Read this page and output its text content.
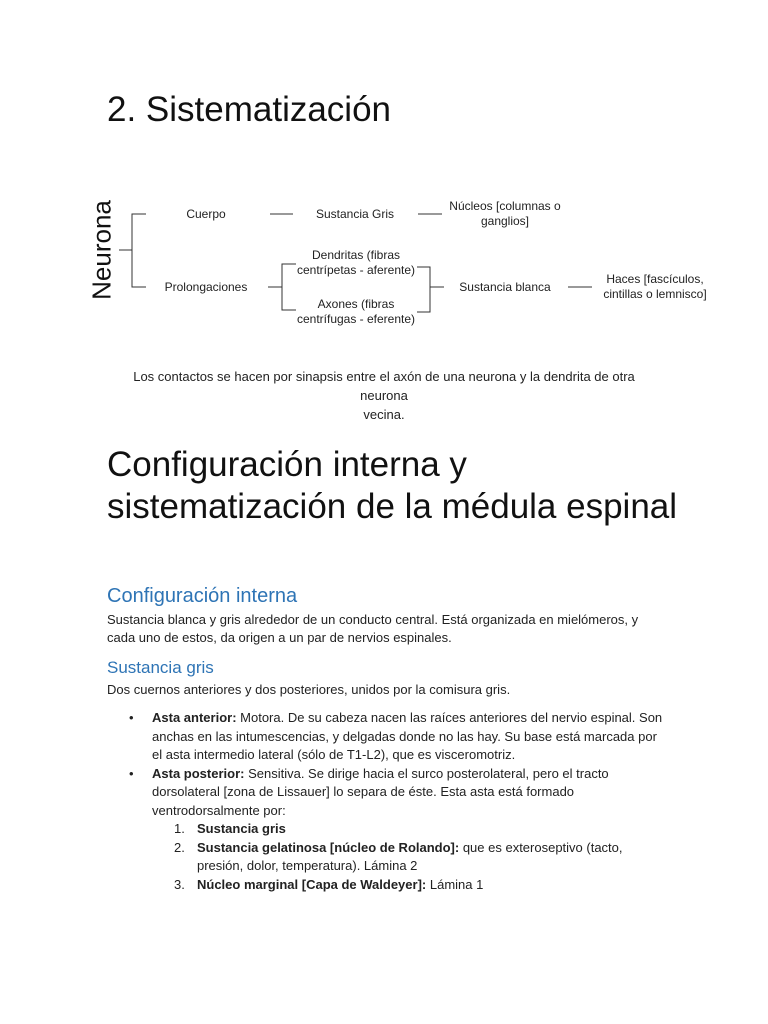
2. Sistematización
Cuerpo	Sustancia Gris
Núcleos [columnas o
ganglios]
Prolongaciones
Dendritas (fibras
centrípetas - aferente)
Axones (fibras
centrífugas - eferente)
Sustancia blanca
Haces [fascículos,
cintillas o lemnisco]
Neurona
Los contactos se hacen por sinapsis entre el axón de una neurona y la dendrita de otra neurona
vecina.
Configuración interna y sistematización de la médula espinal
Configuración interna

Sustancia blanca y gris alrededor de un conducto central. Está organizada en mielómeros, y cada uno de estos, da origen a un par de nervios espinales.

Sustancia gris

Dos cuernos anteriores y dos posteriores, unidos por la comisura gris.

• Asta anterior: Motora. De su cabeza nacen las raíces anteriores del nervio espinal. Son anchas en las intumescencias, y delgadas donde no las hay. Su base está marcada por el asta intermedio lateral (sólo de T1-L2), que es visceromotriz.

• Asta posterior: Sensitiva. Se dirige hacia el surco posterolateral, pero el tracto dorsolateral [zona de Lissauer] lo separa de éste. Esta asta está formado ventrodorsalmente por:

1. Sustancia gris

2. Sustancia gelatinosa [núcleo de Rolando]: que es exteroseptivo (tacto, presión, dolor, temperatura). Lámina 2

3. Núcleo marginal [Capa de Waldeyer]: Lámina 1
